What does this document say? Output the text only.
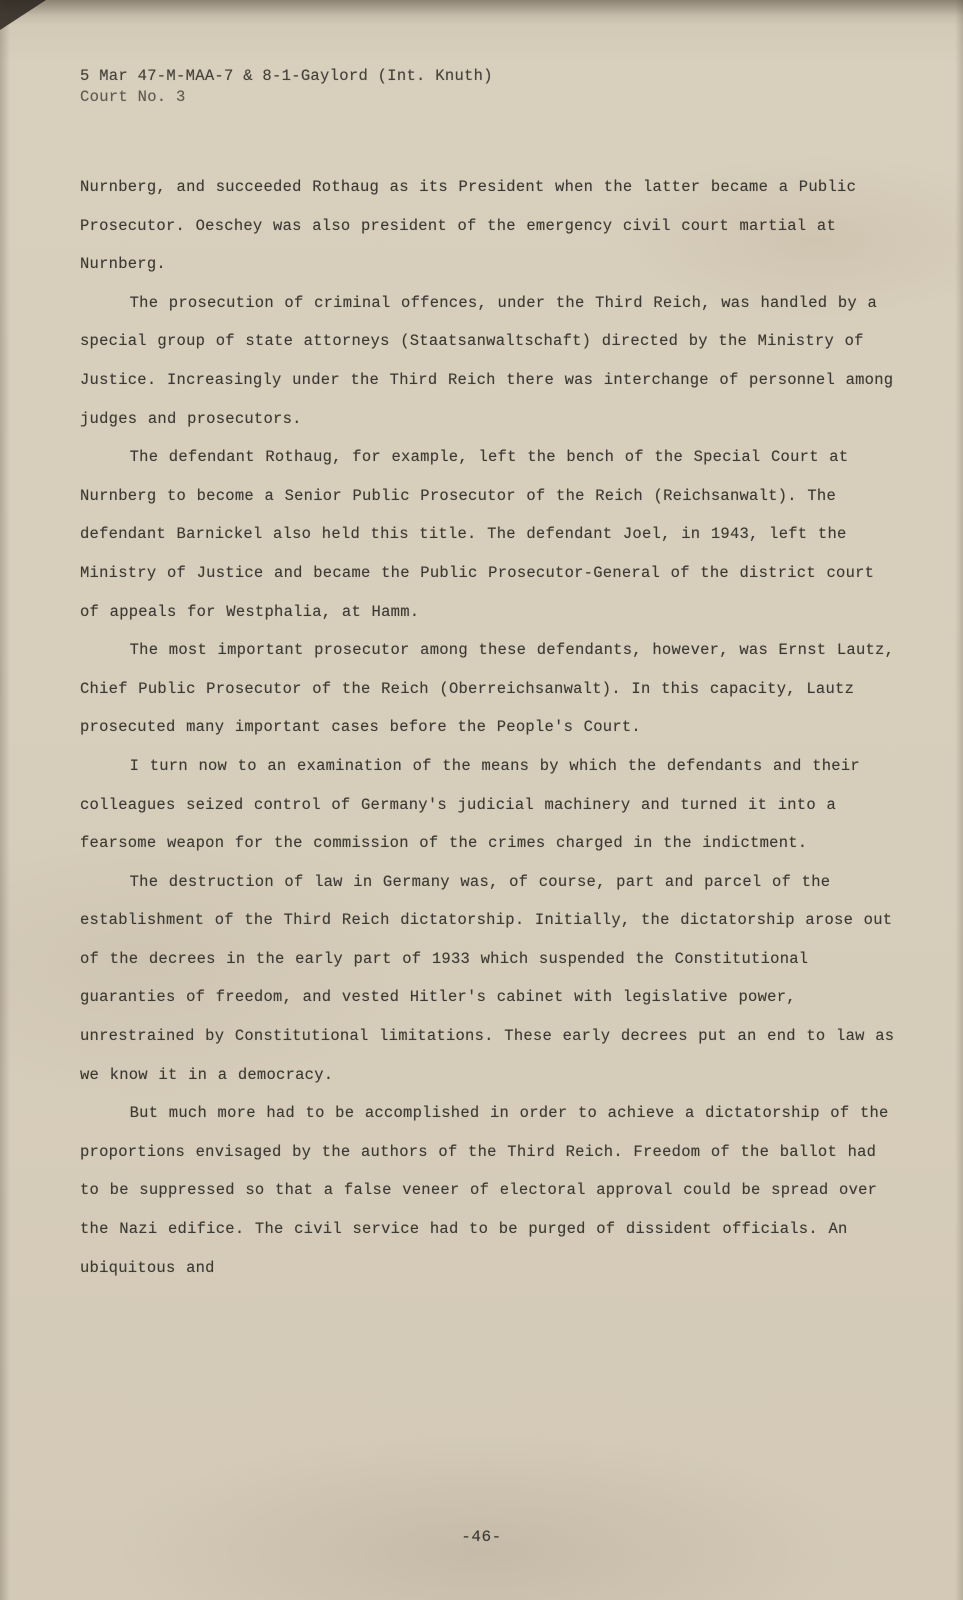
5 Mar 47-M-MAA-7 & 8-1-Gaylord (Int. Knuth)
Court No. 3

Nurnberg, and succeeded Rothaug as its President when the latter became a Public Prosecutor. Oeschey was also president of the emergency civil court martial at Nurnberg.

The prosecution of criminal offences, under the Third Reich, was handled by a special group of state attorneys (Staatsanwaltschaft) directed by the Ministry of Justice. Increasingly under the Third Reich there was interchange of personnel among judges and prosecutors.

The defendant Rothaug, for example, left the bench of the Special Court at Nurnberg to become a Senior Public Prosecutor of the Reich (Reichsanwalt). The defendant Barnickel also held this title. The defendant Joel, in 1943, left the Ministry of Justice and became the Public Prosecutor-General of the district court of appeals for Westphalia, at Hamm.

The most important prosecutor among these defendants, however, was Ernst Lautz, Chief Public Prosecutor of the Reich (Oberreichsanwalt). In this capacity, Lautz prosecuted many important cases before the People's Court.

I turn now to an examination of the means by which the defendants and their colleagues seized control of Germany's judicial machinery and turned it into a fearsome weapon for the commission of the crimes charged in the indictment.

The destruction of law in Germany was, of course, part and parcel of the establishment of the Third Reich dictatorship. Initially, the dictatorship arose out of the decrees in the early part of 1933 which suspended the Constitutional guaranties of freedom, and vested Hitler's cabinet with legislative power, unrestrained by Constitutional limitations. These early decrees put an end to law as we know it in a democracy.

But much more had to be accomplished in order to achieve a dictatorship of the proportions envisaged by the authors of the Third Reich. Freedom of the ballot had to be suppressed so that a false veneer of electoral approval could be spread over the Nazi edifice. The civil service had to be purged of dissident officials. An ubiquitous and

-46-
